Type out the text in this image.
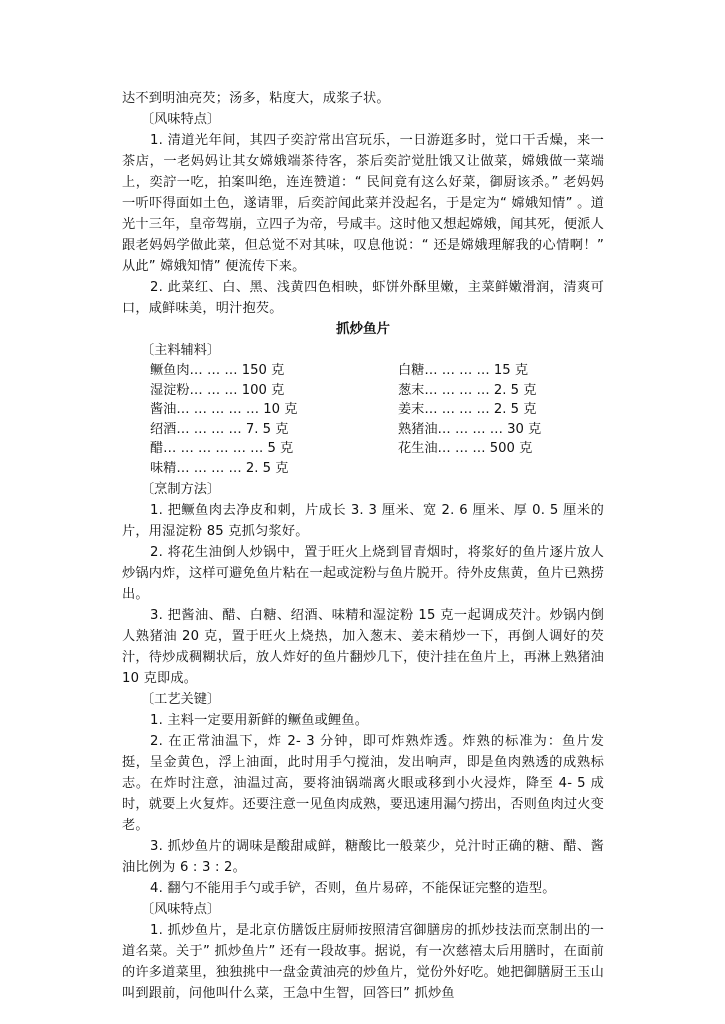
达不到明油亮芡；汤多，粘度大，成浆子状。

〔风味特点〕

1. 清道光年间，其四子奕詝常出宫玩乐，一日游逛多时，觉口干舌燥，来一茶店，一老妈妈让其女嫦娥端茶待客，茶后奕詝觉肚饿又让做菜，嫦娥做一菜端上，奕詝一吃，拍案叫绝，连连赞道：“ 民间竟有这么好菜，御厨该杀。” 老妈妈一听吓得面如土色，遂请罪，后奕詝闻此菜并没起名，于是定为“ 嫦娥知情” 。道光十三年，皇帝驾崩，立四子为帝，号咸丰。这时他又想起嫦娥，闻其死，便派人跟老妈妈学做此菜，但总觉不对其味，叹息他说：“ 还是嫦娥理解我的心情啊！” 从此” 嫦娥知情” 便流传下来。

2. 此菜红、白、黑、浅黄四色相映，虾饼外酥里嫩，主菜鲜嫩滑润，清爽可口，咸鲜味美，明汁抱芡。

抓炒鱼片

〔主料辅料〕

鳜鱼肉… … … 150 克	白糖… … … … 15 克
湿淀粉… … … 100 克	葱末… … … … 2. 5 克
酱油… … … … … 10 克	姜末… … … … 2. 5 克
绍酒… … … … 7. 5 克	熟猪油… … … … 30 克
醋… … … … … … 5 克	花生油… … … 500 克
味精… … … … 2. 5 克

〔烹制方法〕

1. 把鳜鱼肉去净皮和刺，片成长 3. 3 厘米、宽 2. 6 厘米、厚 0. 5 厘米的片，用湿淀粉 85 克抓匀浆好。

2. 将花生油倒人炒锅中，置于旺火上烧到冒青烟时，将浆好的鱼片逐片放人炒锅内炸，这样可避免鱼片粘在一起或淀粉与鱼片脱开。待外皮焦黄，鱼片已熟捞出。

3. 把酱油、醋、白糖、绍酒、味精和湿淀粉 15 克一起调成芡汁。炒锅内倒人熟猪油 20 克，置于旺火上烧热，加入葱末、姜末稍炒一下，再倒人调好的芡汁，待炒成稠糊状后，放人炸好的鱼片翻炒几下，使汁挂在鱼片上，再淋上熟猪油 10 克即成。

〔工艺关键〕

1. 主料一定要用新鲜的鳜鱼或鲤鱼。

2. 在正常油温下，炸 2- 3 分钟，即可炸熟炸透。炸熟的标准为：鱼片发挺，呈金黄色，浮上油面，此时用手勺搅油，发出响声，即是鱼肉熟透的成熟标志。在炸时注意，油温过高，要将油锅端离火眼或移到小火浸炸，降至 4- 5 成时，就要上火复炸。还要注意一见鱼肉成熟，要迅速用漏勺捞出，否则鱼肉过火变老。

3. 抓炒鱼片的调味是酸甜咸鲜，糖酸比一般菜少，兑汁时正确的糖、醋、酱油比例为 6 : 3 : 2。

4. 翻勺不能用手勺或手铲，否则，鱼片易碎，不能保证完整的造型。

〔风味特点〕

1. 抓炒鱼片，是北京仿膳饭庄厨师按照清宫御膳房的抓炒技法而烹制出的一道名菜。关于” 抓炒鱼片” 还有一段故事。据说，有一次慈禧太后用膳时，在面前的许多道菜里，独独挑中一盘金黄油亮的炒鱼片，觉份外好吃。她把御膳厨王玉山叫到跟前，问他叫什么菜，王急中生智，回答曰” 抓炒鱼
